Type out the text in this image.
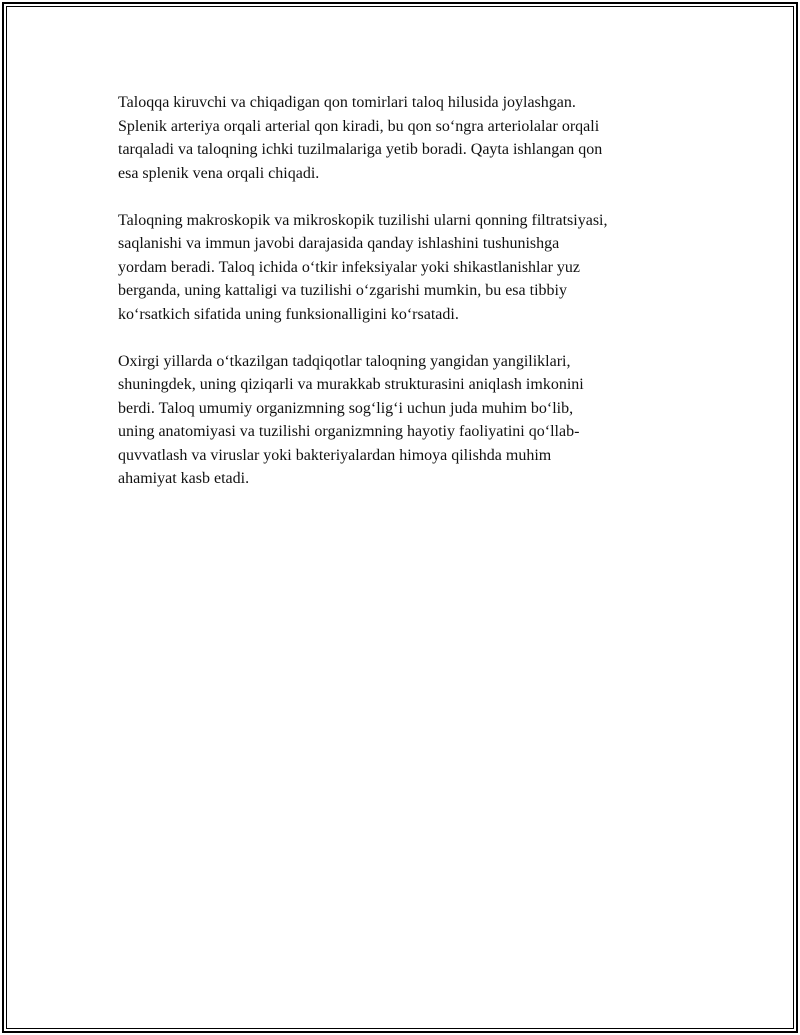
Taloqqa kiruvchi va chiqadigan qon tomirlari taloq hilusida joylashgan.
Splenik arteriya orqali arterial qon kiradi, bu qon so‘ngra arteriolalar orqali
tarqaladi va taloqning ichki tuzilmalariga yetib boradi. Qayta ishlangan qon
esa splenik vena orqali chiqadi.

Taloqning makroskopik va mikroskopik tuzilishi ularni qonning filtratsiyasi,
saqlanishi va immun javobi darajasida qanday ishlashini tushunishga
yordam beradi. Taloq ichida o‘tkir infeksiyalar yoki shikastlanishlar yuz
berganda, uning kattaligi va tuzilishi o‘zgarishi mumkin, bu esa tibbiy
ko‘rsatkich sifatida uning funksionalligini ko‘rsatadi.

Oxirgi yillarda o‘tkazilgan tadqiqotlar taloqning yangidan yangiliklari,
shuningdek, uning qiziqarli va murakkab strukturasini aniqlash imkonini
berdi. Taloq umumiy organizmning sog‘lig‘i uchun juda muhim bo‘lib,
uning anatomiyasi va tuzilishi organizmning hayotiy faoliyatini qo‘llab-
quvvatlash va viruslar yoki bakteriyalardan himoya qilishda muhim
ahamiyat kasb etadi.
